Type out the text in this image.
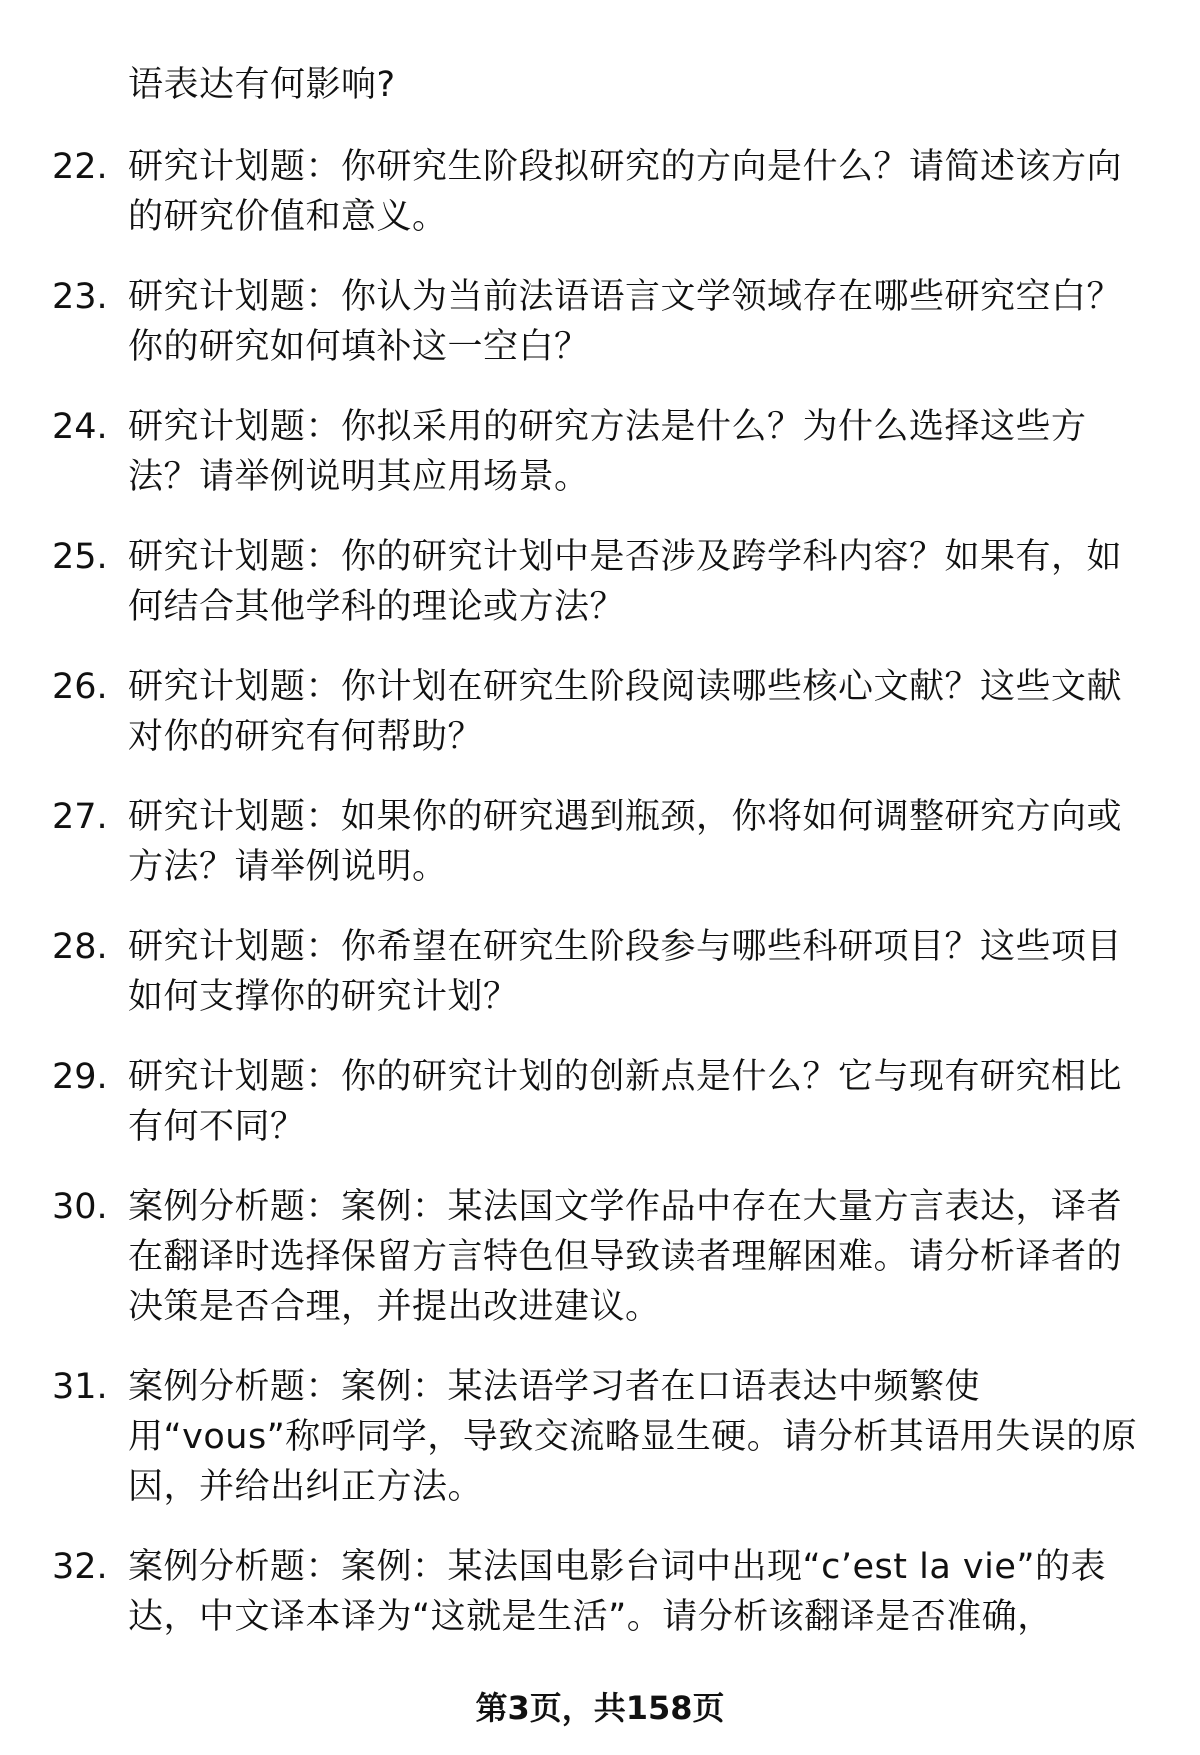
语表达有何影响?
22. 研究计划题：你研究生阶段拟研究的方向是什么？请简述该方向的研究价值和意义。
23. 研究计划题：你认为当前法语语言文学领域存在哪些研究空白？你的研究如何填补这一空白？
24. 研究计划题：你拟采用的研究方法是什么？为什么选择这些方法？请举例说明其应用场景。
25. 研究计划题：你的研究计划中是否涉及跨学科内容？如果有，如何结合其他学科的理论或方法？
26. 研究计划题：你计划在研究生阶段阅读哪些核心文献？这些文献对你的研究有何帮助？
27. 研究计划题：如果你的研究遇到瓶颈，你将如何调整研究方向或方法？请举例说明。
28. 研究计划题：你希望在研究生阶段参与哪些科研项目？这些项目如何支撑你的研究计划？
29. 研究计划题：你的研究计划的创新点是什么？它与现有研究相比有何不同？
30. 案例分析题：案例：某法国文学作品中存在大量方言表达，译者在翻译时选择保留方言特色但导致读者理解困难。请分析译者的决策是否合理，并提出改进建议。
31. 案例分析题：案例：某法语学习者在口语表达中频繁使用“vous”称呼同学，导致交流略显生硬。请分析其语用失误的原因，并给出纠正方法。
32. 案例分析题：案例：某法国电影台词中出现“c’est la vie”的表达，中文译本译为“这就是生活”。请分析该翻译是否准确，
第3页，共158页
